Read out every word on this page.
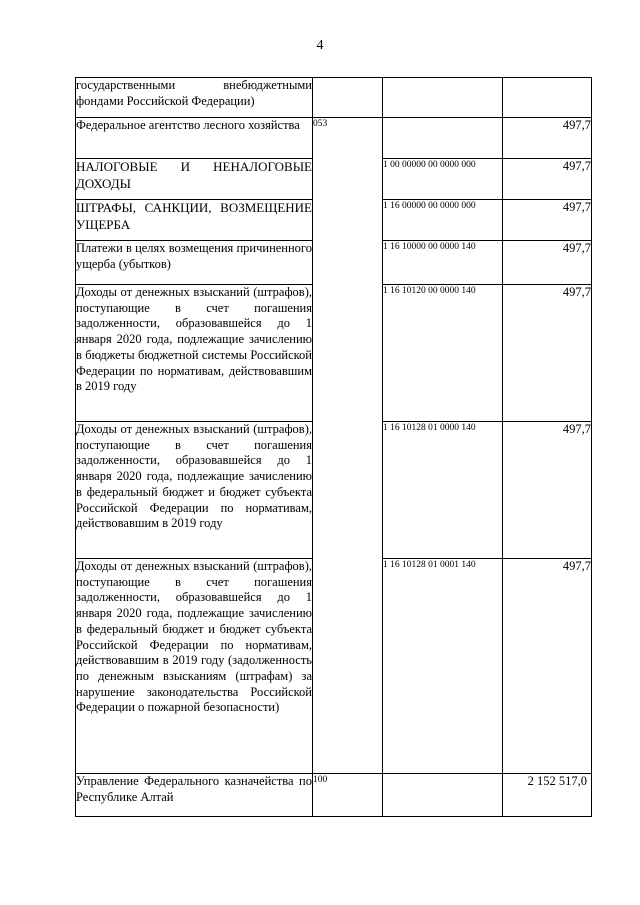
4
государственными внебюджетными фондами Российской Федерации)			
Федеральное агентство лесного хозяйства	053		497,7
НАЛОГОВЫЕ И НЕНАЛОГОВЫЕ ДОХОДЫ		1 00 00000 00 0000 000	497,7
ШТРАФЫ, САНКЦИИ, ВОЗМЕЩЕНИЕ УЩЕРБА		1 16 00000 00 0000 000	497,7
Платежи в целях возмещения причиненного ущерба (убытков)		1 16 10000 00 0000 140	497,7
Доходы от денежных взысканий (штрафов), поступающие в счет погашения задолженности, образовавшейся до 1 января 2020 года, подлежащие зачислению в бюджеты бюджетной системы Российской Федерации по нормативам, действовавшим в 2019 году		1 16 10120 00 0000 140	497,7
Доходы от денежных взысканий (штрафов), поступающие в счет погашения задолженности, образовавшейся до 1 января 2020 года, подлежащие зачислению в федеральный бюджет и бюджет субъекта Российской Федерации по нормативам, действовавшим в 2019 году		1 16 10128 01 0000 140	497,7
Доходы от денежных взысканий (штрафов), поступающие в счет погашения задолженности, образовавшейся до 1 января 2020 года, подлежащие зачислению в федеральный бюджет и бюджет субъекта Российской Федерации по нормативам, действовавшим в 2019 году (задолженность по денежным взысканиям (штрафам) за нарушение законодательства Российской Федерации о пожарной безопасности)		1 16 10128 01 0001 140	497,7
Управление Федерального казначейства по Республике Алтай	100		2 152 517,0
